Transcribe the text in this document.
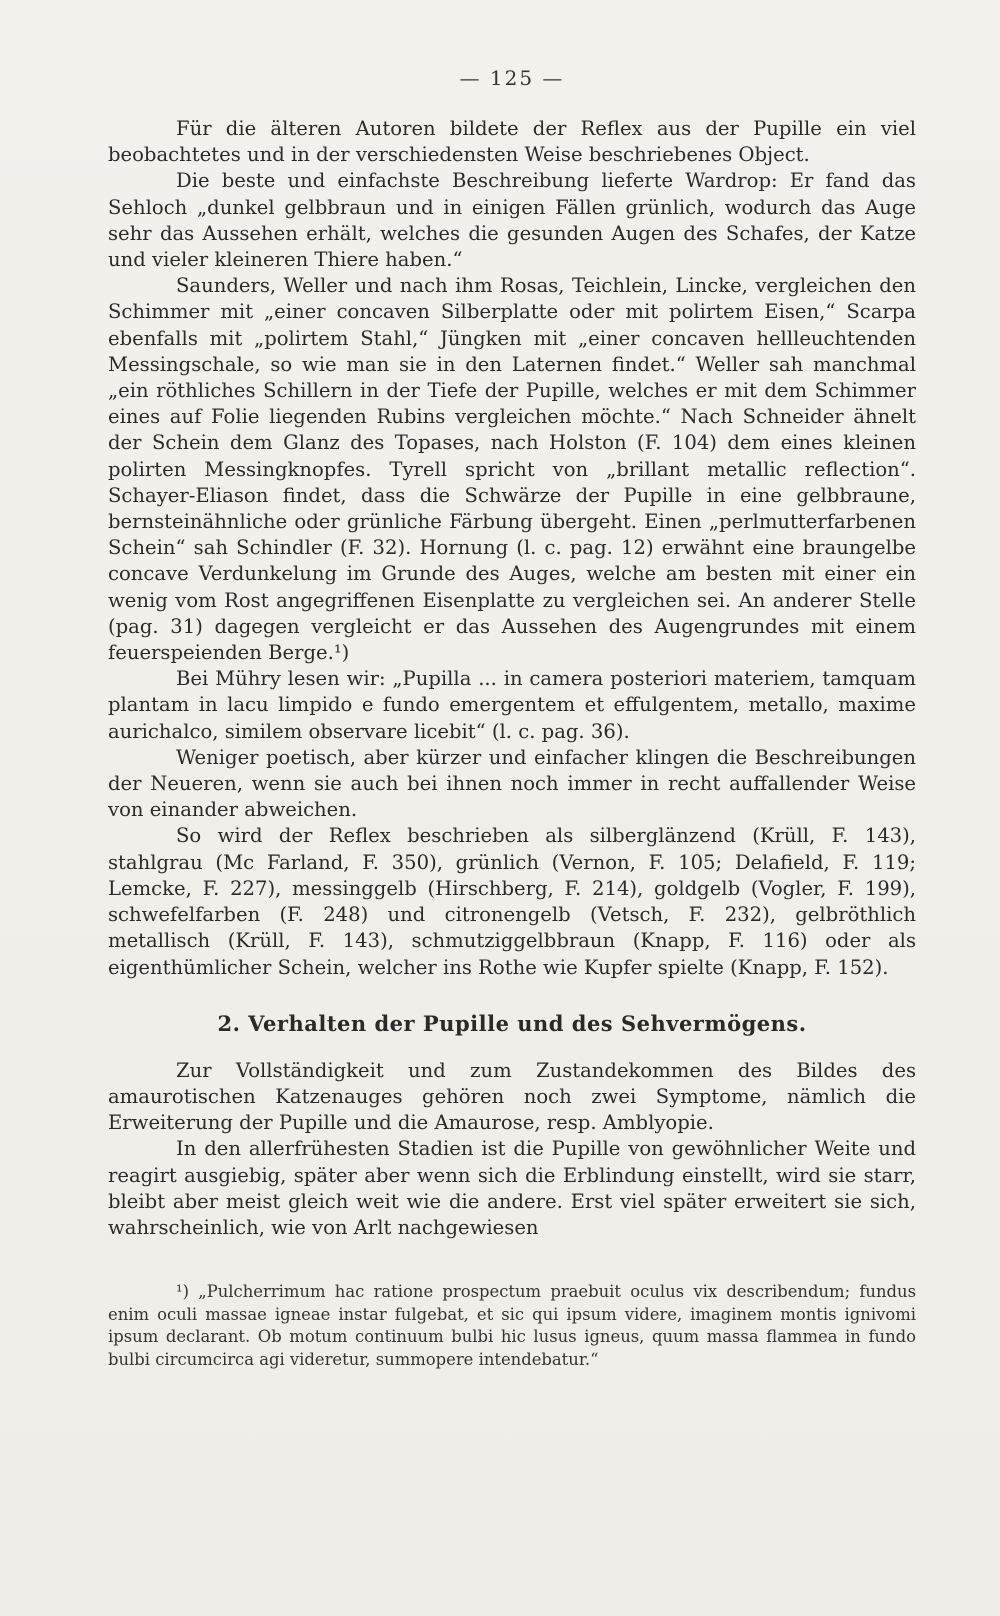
— 125 —

Für die älteren Autoren bildete der Reflex aus der Pupille ein viel beobachtetes und in der verschiedensten Weise beschriebenes Object.

Die beste und einfachste Beschreibung lieferte Wardrop: Er fand das Sehloch „dunkel gelbbraun und in einigen Fällen grünlich, wodurch das Auge sehr das Aussehen erhält, welches die gesunden Augen des Schafes, der Katze und vieler kleineren Thiere haben.“

Saunders, Weller und nach ihm Rosas, Teichlein, Lincke, vergleichen den Schimmer mit „einer concaven Silberplatte oder mit polirtem Eisen,“ Scarpa ebenfalls mit „polirtem Stahl,“ Jüngken mit „einer concaven hellleuchtenden Messingschale, so wie man sie in den Laternen findet.“ Weller sah manchmal „ein röthliches Schillern in der Tiefe der Pupille, welches er mit dem Schimmer eines auf Folie liegenden Rubins vergleichen möchte.“ Nach Schneider ähnelt der Schein dem Glanz des Topases, nach Holston (F. 104) dem eines kleinen polirten Messingknopfes. Tyrell spricht von „brillant metallic reflection“. Schayer-Eliason findet, dass die Schwärze der Pupille in eine gelbbraune, bernsteinähnliche oder grünliche Färbung übergeht. Einen „perlmutterfarbenen Schein“ sah Schindler (F. 32). Hornung (l. c. pag. 12) erwähnt eine braungelbe concave Verdunkelung im Grunde des Auges, welche am besten mit einer ein wenig vom Rost angegriffenen Eisenplatte zu vergleichen sei. An anderer Stelle (pag. 31) dagegen vergleicht er das Aussehen des Augengrundes mit einem feuerspeienden Berge.¹)

Bei Mühry lesen wir: „Pupilla ... in camera posteriori materiem, tamquam plantam in lacu limpido e fundo emergentem et effulgentem, metallo, maxime aurichalco, similem observare licebit“ (l. c. pag. 36).

Weniger poetisch, aber kürzer und einfacher klingen die Beschreibungen der Neueren, wenn sie auch bei ihnen noch immer in recht auffallender Weise von einander abweichen.

So wird der Reflex beschrieben als silberglänzend (Krüll, F. 143), stahlgrau (Mc Farland, F. 350), grünlich (Vernon, F. 105; Delafield, F. 119; Lemcke, F. 227), messinggelb (Hirschberg, F. 214), goldgelb (Vogler, F. 199), schwefelfarben (F. 248) und citronengelb (Vetsch, F. 232), gelbröthlich metallisch (Krüll, F. 143), schmutziggelbbraun (Knapp, F. 116) oder als eigenthümlicher Schein, welcher ins Rothe wie Kupfer spielte (Knapp, F. 152).

2. Verhalten der Pupille und des Sehvermögens.

Zur Vollständigkeit und zum Zustandekommen des Bildes des amaurotischen Katzenauges gehören noch zwei Symptome, nämlich die Erweiterung der Pupille und die Amaurose, resp. Amblyopie.

In den allerfrühesten Stadien ist die Pupille von gewöhnlicher Weite und reagirt ausgiebig, später aber wenn sich die Erblindung einstellt, wird sie starr, bleibt aber meist gleich weit wie die andere. Erst viel später erweitert sie sich, wahrscheinlich, wie von Arlt nachgewiesen

¹) „Pulcherrimum hac ratione prospectum praebuit oculus vix describendum; fundus enim oculi massae igneae instar fulgebat, et sic qui ipsum videre, imaginem montis ignivomi ipsum declarant. Ob motum continuum bulbi hic lusus igneus, quum massa flammea in fundo bulbi circumcirca agi videretur, summopere intendebatur.“
